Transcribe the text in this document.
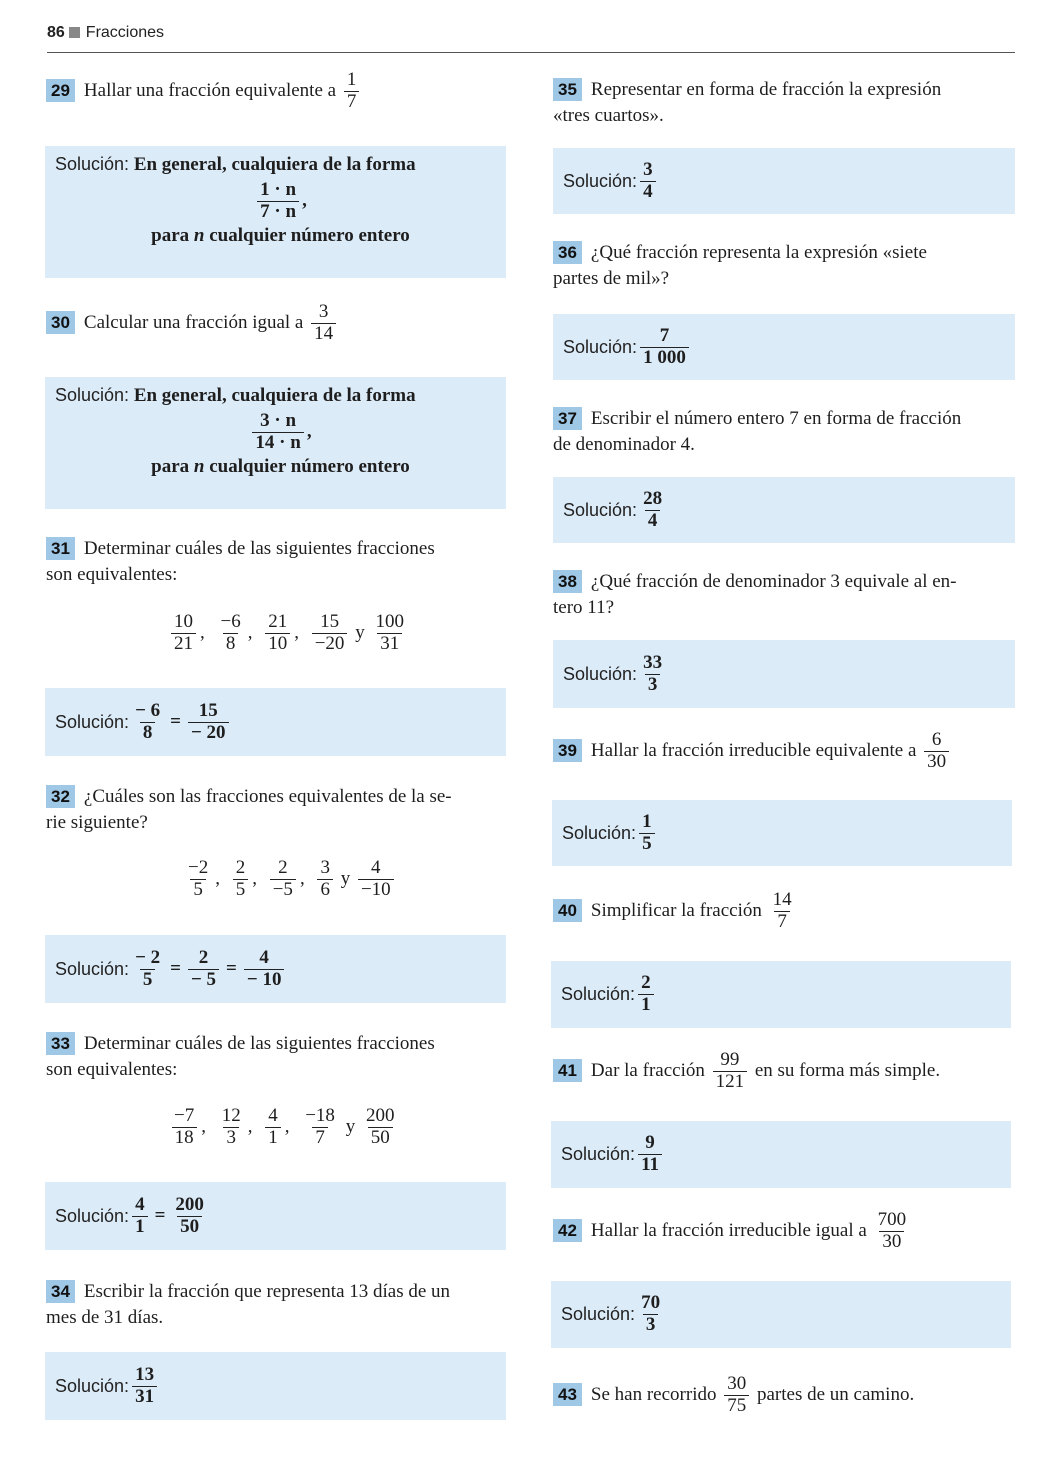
86 Fracciones
29 Hallar una fracción equivalente a $\frac{1}{7}$
Solución: En general, cualquiera de la forma
$\frac{1 \cdot n}{7 \cdot n}$ ,
para n cualquier número entero
30 Calcular una fracción igual a $\frac{3}{14}$
Solución: En general, cualquiera de la forma
$\frac{3 \cdot n}{14 \cdot n}$ ,
para n cualquier número entero
31 Determinar cuáles de las siguientes fracciones
son equivalentes:
$\frac{10}{21}$ , $\frac{-6}{8}$ , $\frac{21}{10}$ , $\frac{15}{-20}$ y $\frac{100}{31}$
Solución: $\frac{- 6}{8} = \frac{15}{- 20}$
32 ¿Cuáles son las fracciones equivalentes de la se-
rie siguiente?
$\frac{-2}{5}$ , $\frac{2}{5}$ , $\frac{2}{-5}$ , $\frac{3}{6}$ y $\frac{4}{-10}$
Solución: $\frac{- 2}{5} = \frac{2}{- 5} = \frac{4}{- 10}$
33 Determinar cuáles de las siguientes fracciones
son equivalentes:
$\frac{-7}{18}$ , $\frac{12}{3}$ , $\frac{4}{1}$ , $\frac{-18}{7}$ y $\frac{200}{50}$
Solución: $\frac{4}{1} = \frac{200}{50}$
34 Escribir la fracción que representa 13 días de un
mes de 31 días.
Solución: $\frac{13}{31}$
35 Representar en forma de fracción la expresión
«tres cuartos».
Solución: $\frac{3}{4}$
36 ¿Qué fracción representa la expresión «siete
partes de mil»?
Solución: $\frac{7}{1 000}$
37 Escribir el número entero 7 en forma de fracción
de denominador 4.
Solución: $\frac{28}{4}$
38 ¿Qué fracción de denominador 3 equivale al en-
tero 11?
Solución: $\frac{33}{3}$
39 Hallar la fracción irreducible equivalente a $\frac{6}{30}$
Solución: $\frac{1}{5}$
40 Simplificar la fracción $\frac{14}{7}$
Solución: $\frac{2}{1}$
41 Dar la fracción $\frac{99}{121}$ en su forma más simple.
Solución: $\frac{9}{11}$
42 Hallar la fracción irreducible igual a $\frac{700}{30}$
Solución: $\frac{70}{3}$
43 Se han recorrido $\frac{30}{75}$ partes de un camino.
